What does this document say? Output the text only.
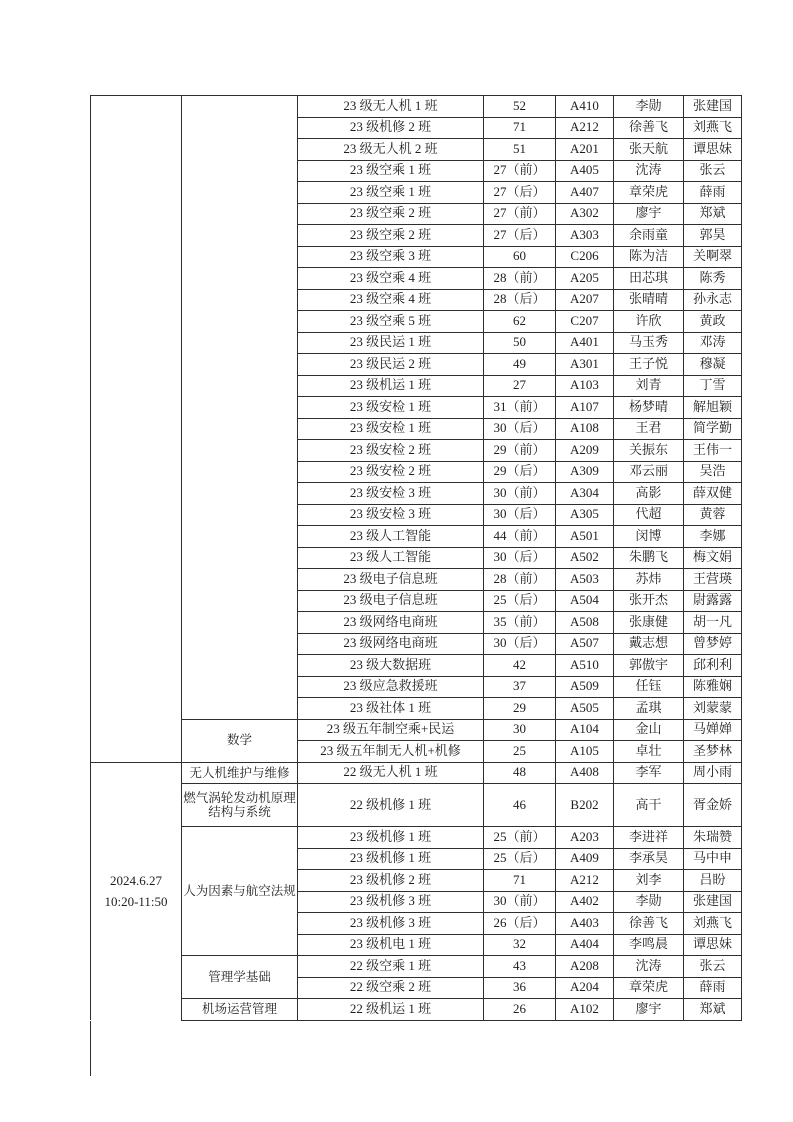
		23 级无人机 1 班	52	A410	李勋	张建国
		23 级机修 2 班	71	A212	徐善飞	刘燕飞
		23 级无人机 2 班	51	A201	张天航	谭思妹
		23 级空乘 1 班	27（前）	A405	沈涛	张云
		23 级空乘 1 班	27（后）	A407	章荣虎	薛雨
		23 级空乘 2 班	27（前）	A302	廖宇	郑斌
		23 级空乘 2 班	27（后）	A303	余雨童	郭昊
		23 级空乘 3 班	60	C206	陈为洁	关啊翠
		23 级空乘 4 班	28（前）	A205	田芯琪	陈秀
		23 级空乘 4 班	28（后）	A207	张晴晴	孙永志
		23 级空乘 5 班	62	C207	许欣	黄政
		23 级民运 1 班	50	A401	马玉秀	邓涛
		23 级民运 2 班	49	A301	王子悦	穆凝
		23 级机运 1 班	27	A103	刘青	丁雪
		23 级安检 1 班	31（前）	A107	杨梦晴	解旭颖
		23 级安检 1 班	30（后）	A108	王君	简学勤
		23 级安检 2 班	29（前）	A209	关振东	王伟一
		23 级安检 2 班	29（后）	A309	邓云丽	吴浩
		23 级安检 3 班	30（前）	A304	高影	薛双健
		23 级安检 3 班	30（后）	A305	代超	黄蓉
		23 级人工智能	44（前）	A501	闵博	李娜
		23 级人工智能	30（后）	A502	朱鹏飞	梅文娟
		23 级电子信息班	28（前）	A503	苏炜	王营瑛
		23 级电子信息班	25（后）	A504	张开杰	尉露露
		23 级网络电商班	35（前）	A508	张康健	胡一凡
		23 级网络电商班	30（后）	A507	戴志想	曾梦婷
		23 级大数据班	42	A510	郭傲宇	邱利利
		23 级应急救援班	37	A509	任钰	陈雅娴
		23 级社体 1 班	29	A505	孟琪	刘蒙蒙
	数学	23 级五年制空乘+民运	30	A104	金山	马婵婵
		23 级五年制无人机+机修	25	A105	卓壮	圣梦林

2024.6.27
10:20-11:50	无人机维护与维修	22 级无人机 1 班	48	A408	李军	周小雨
	燃气涡轮发动机原理结构与系统	22 级机修 1 班	46	B202	高干	胥金娇
	人为因素与航空法规	23 级机修 1 班	25（前）	A203	李进祥	朱瑞赞
		23 级机修 1 班	25（后）	A409	李承昊	马中申
		23 级机修 2 班	71	A212	刘李	吕盼
		23 级机修 3 班	30（前）	A402	李勋	张建国
		23 级机修 3 班	26（后）	A403	徐善飞	刘燕飞
		23 级机电 1 班	32	A404	李鸣晨	谭思妹
	管理学基础	22 级空乘 1 班	43	A208	沈涛	张云
		22 级空乘 2 班	36	A204	章荣虎	薛雨
	机场运营管理	22 级机运 1 班	26	A102	廖宇	郑斌
